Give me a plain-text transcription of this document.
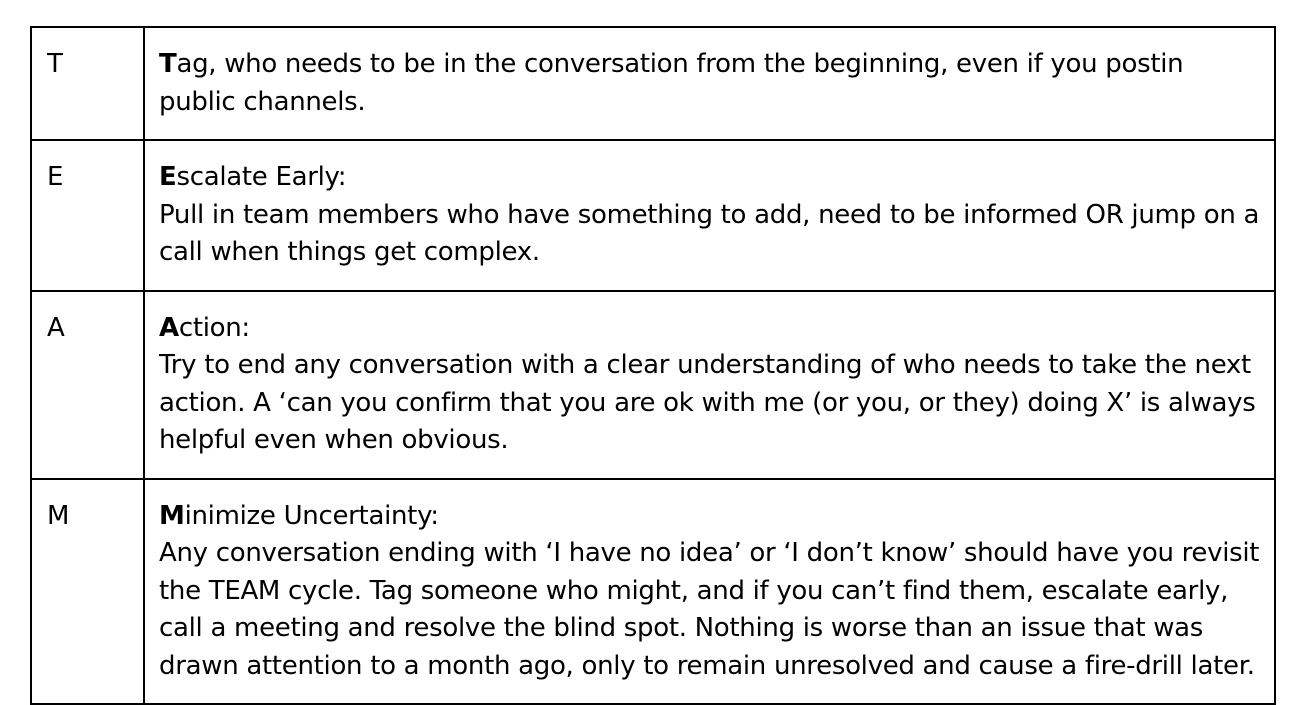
T	Tag, who needs to be in the conversation from the beginning, even if you postin public channels.

E	Escalate Early:
Pull in team members who have something to add, need to be informed OR jump on a call when things get complex.

A	Action:
Try to end any conversation with a clear understanding of who needs to take the next action. A ‘can you confirm that you are ok with me (or you, or they) doing X’ is always helpful even when obvious.

M	Minimize Uncertainty:
Any conversation ending with ‘I have no idea’ or ‘I don’t know’ should have you revisit the TEAM cycle. Tag someone who might, and if you can’t find them, escalate early, call a meeting and resolve the blind spot. Nothing is worse than an issue that was drawn attention to a month ago, only to remain unresolved and cause a fire-drill later.
